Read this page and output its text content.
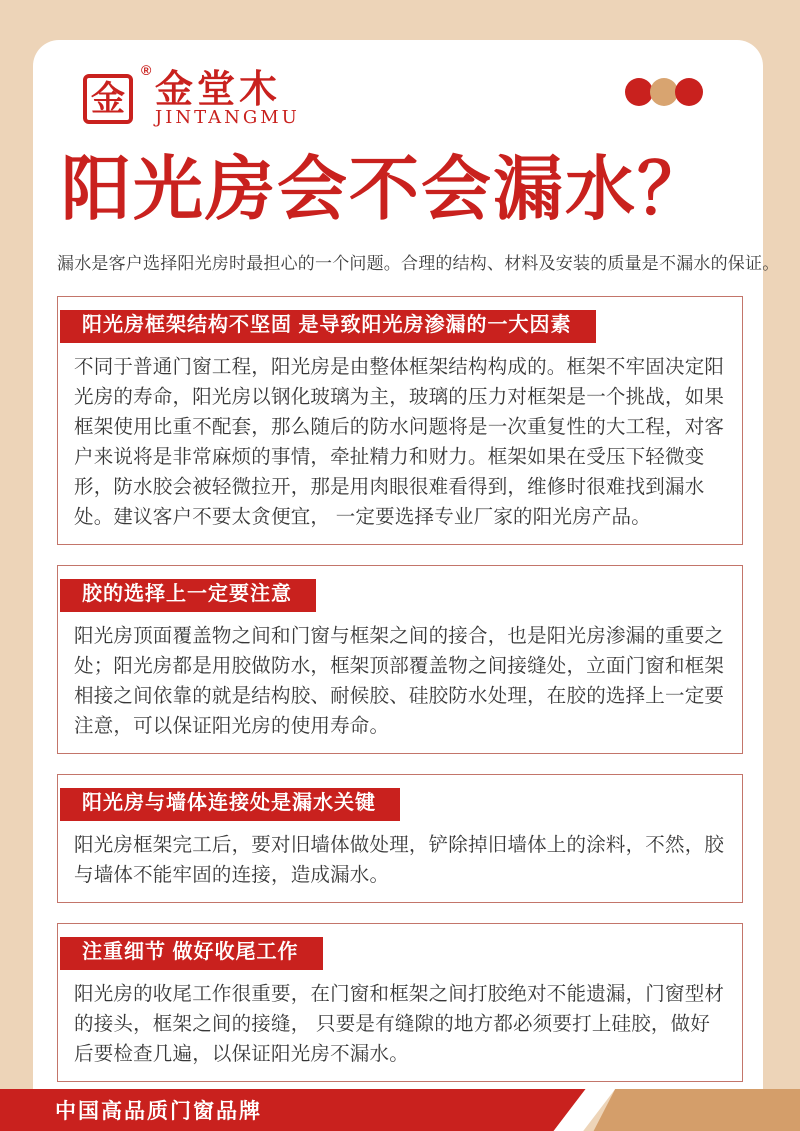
金
® 金堂木
JINTANGMU
阳光房会不会漏水？
漏水是客户选择阳光房时最担心的一个问题。合理的结构、材料及安装的质量是不漏水的保证。
阳光房框架结构不坚固 是导致阳光房渗漏的一大因素
不同于普通门窗工程，阳光房是由整体框架结构构成的。框架不牢固决定阳光房的寿命，阳光房以钢化玻璃为主，玻璃的压力对框架是一个挑战，如果框架使用比重不配套，那么随后的防水问题将是一次重复性的大工程，对客户来说将是非常麻烦的事情，牵扯精力和财力。框架如果在受压下轻微变形，防水胶会被轻微拉开，那是用肉眼很难看得到，维修时很难找到漏水处。建议客户不要太贪便宜， 一定要选择专业厂家的阳光房产品。
胶的选择上一定要注意
阳光房顶面覆盖物之间和门窗与框架之间的接合，也是阳光房渗漏的重要之处；阳光房都是用胶做防水，框架顶部覆盖物之间接缝处，立面门窗和框架相接之间依靠的就是结构胶、耐候胶、硅胶防水处理，在胶的选择上一定要注意，可以保证阳光房的使用寿命。
阳光房与墙体连接处是漏水关键
阳光房框架完工后，要对旧墙体做处理，铲除掉旧墙体上的涂料，不然，胶与墙体不能牢固的连接，造成漏水。
注重细节 做好收尾工作
阳光房的收尾工作很重要，在门窗和框架之间打胶绝对不能遗漏，门窗型材的接头，框架之间的接缝， 只要是有缝隙的地方都必须要打上硅胶，做好后要检查几遍，以保证阳光房不漏水。
中国高品质门窗品牌
